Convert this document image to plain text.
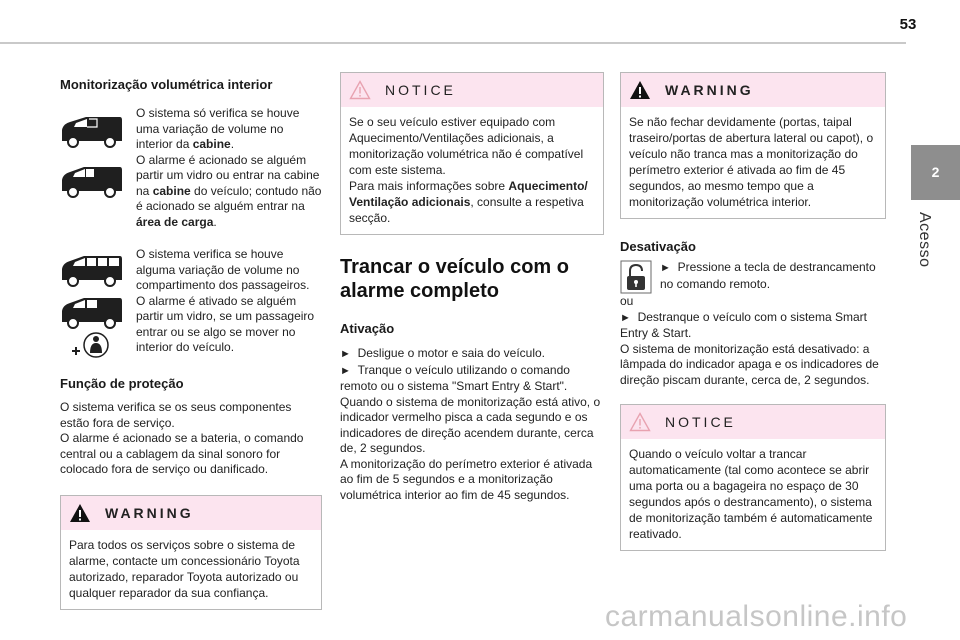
53
2
Acesso
Monitorização volumétrica interior
O sistema só verifica se houve uma variação de volume no interior da cabine.
O alarme é acionado se alguém partir um vidro ou entrar na cabine na cabine do veículo; contudo não é acionado se alguém entrar na área de carga.
O sistema verifica se houve alguma variação de volume no compartimento dos passageiros. O alarme é ativado se alguém partir um vidro, se um passageiro entrar ou se algo se mover no interior do veículo.
Função de proteção

O sistema verifica se os seus componentes estão fora de serviço.

O alarme é acionado se a bateria, o comando central ou a cablagem da sinal sonoro for colocado fora de serviço ou danificado.

WARNING
Para todos os serviços sobre o sistema de alarme, contacte um concessionário Toyota autorizado, reparador Toyota autorizado ou qualquer reparador da sua confiança.
NOTICE
Se o seu veículo estiver equipado com Aquecimento/Ventilações adicionais, a monitorização volumétrica não é compatível com este sistema.
Para mais informações sobre Aquecimento/ Ventilação adicionais, consulte a respetiva secção.
Trancar o veículo com o alarme completo
Ativação

► Desligue o motor e saia do veículo.

► Tranque o veículo utilizando o comando remoto ou o sistema "Smart Entry & Start".

Quando o sistema de monitorização está ativo, o indicador vermelho pisca a cada segundo e os indicadores de direção acendem durante, cerca de, 2 segundos.

A monitorização do perímetro exterior é ativada ao fim de 5 segundos e a monitorização volumétrica interior ao fim de 45 segundos.

WARNING
Se não fechar devidamente (portas, taipal traseiro/portas de abertura lateral ou capot), o veículo não tranca mas a monitorização do perímetro exterior é ativada ao fim de 45 segundos, ao mesmo tempo que a monitorização volumétrica interior.
Desativação
► Pressione a tecla de destrancamento no comando remoto.

ou

► Destranque o veículo com o sistema Smart Entry & Start.

O sistema de monitorização está desativado: a lâmpada do indicador apaga e os indicadores de direção piscam durante, cerca de, 2 segundos.

NOTICE
Quando o veículo voltar a trancar automaticamente (tal como acontece se abrir uma porta ou a bagageira no espaço de 30 segundos após o destrancamento), o sistema de monitorização também é automaticamente reativado.
carmanualsonline.info
